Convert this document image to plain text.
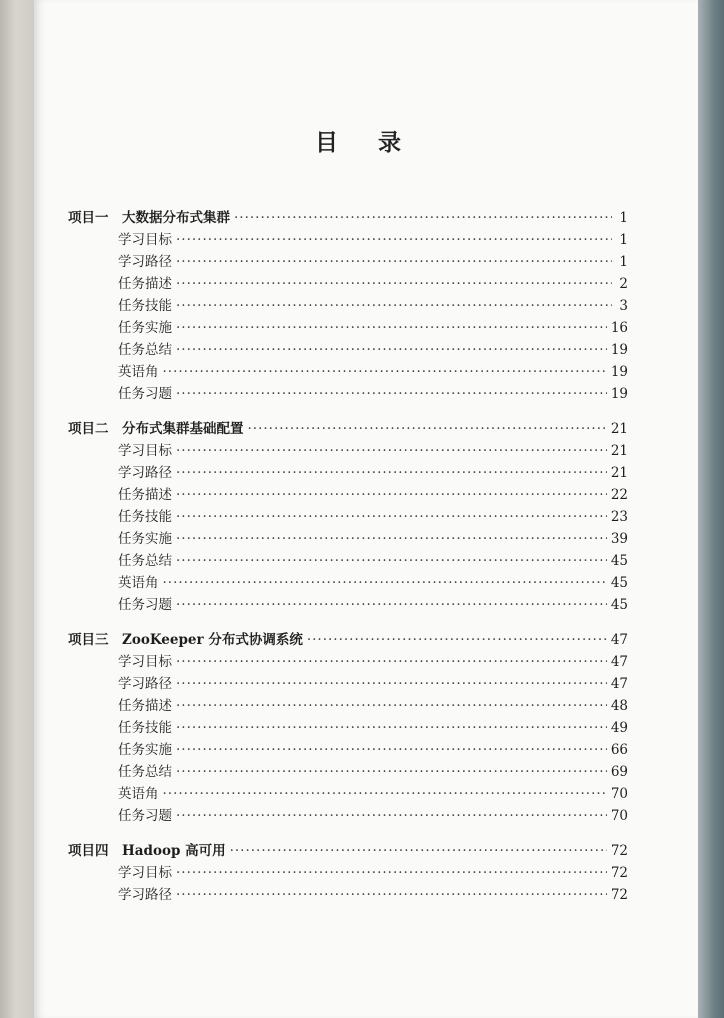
目 录
项目一　大数据分布式集群 ·····	1
学习目标 ·····	1
学习路径 ·····	1
任务描述 ·····	2
任务技能 ·····	3
任务实施 ·····	16
任务总结 ·····	19
英语角 ·····	19
任务习题 ·····	19
项目二　分布式集群基础配置 ·····	21
学习目标 ·····	21
学习路径 ·····	21
任务描述 ·····	22
任务技能 ·····	23
任务实施 ·····	39
任务总结 ·····	45
英语角 ·····	45
任务习题 ·····	45
项目三　ZooKeeper 分布式协调系统 ·····	47
学习目标 ·····	47
学习路径 ·····	47
任务描述 ·····	48
任务技能 ·····	49
任务实施 ·····	66
任务总结 ·····	69
英语角 ·····	70
任务习题 ·····	70
项目四　Hadoop 高可用 ·····	72
学习目标 ·····	72
学习路径 ·····	72
